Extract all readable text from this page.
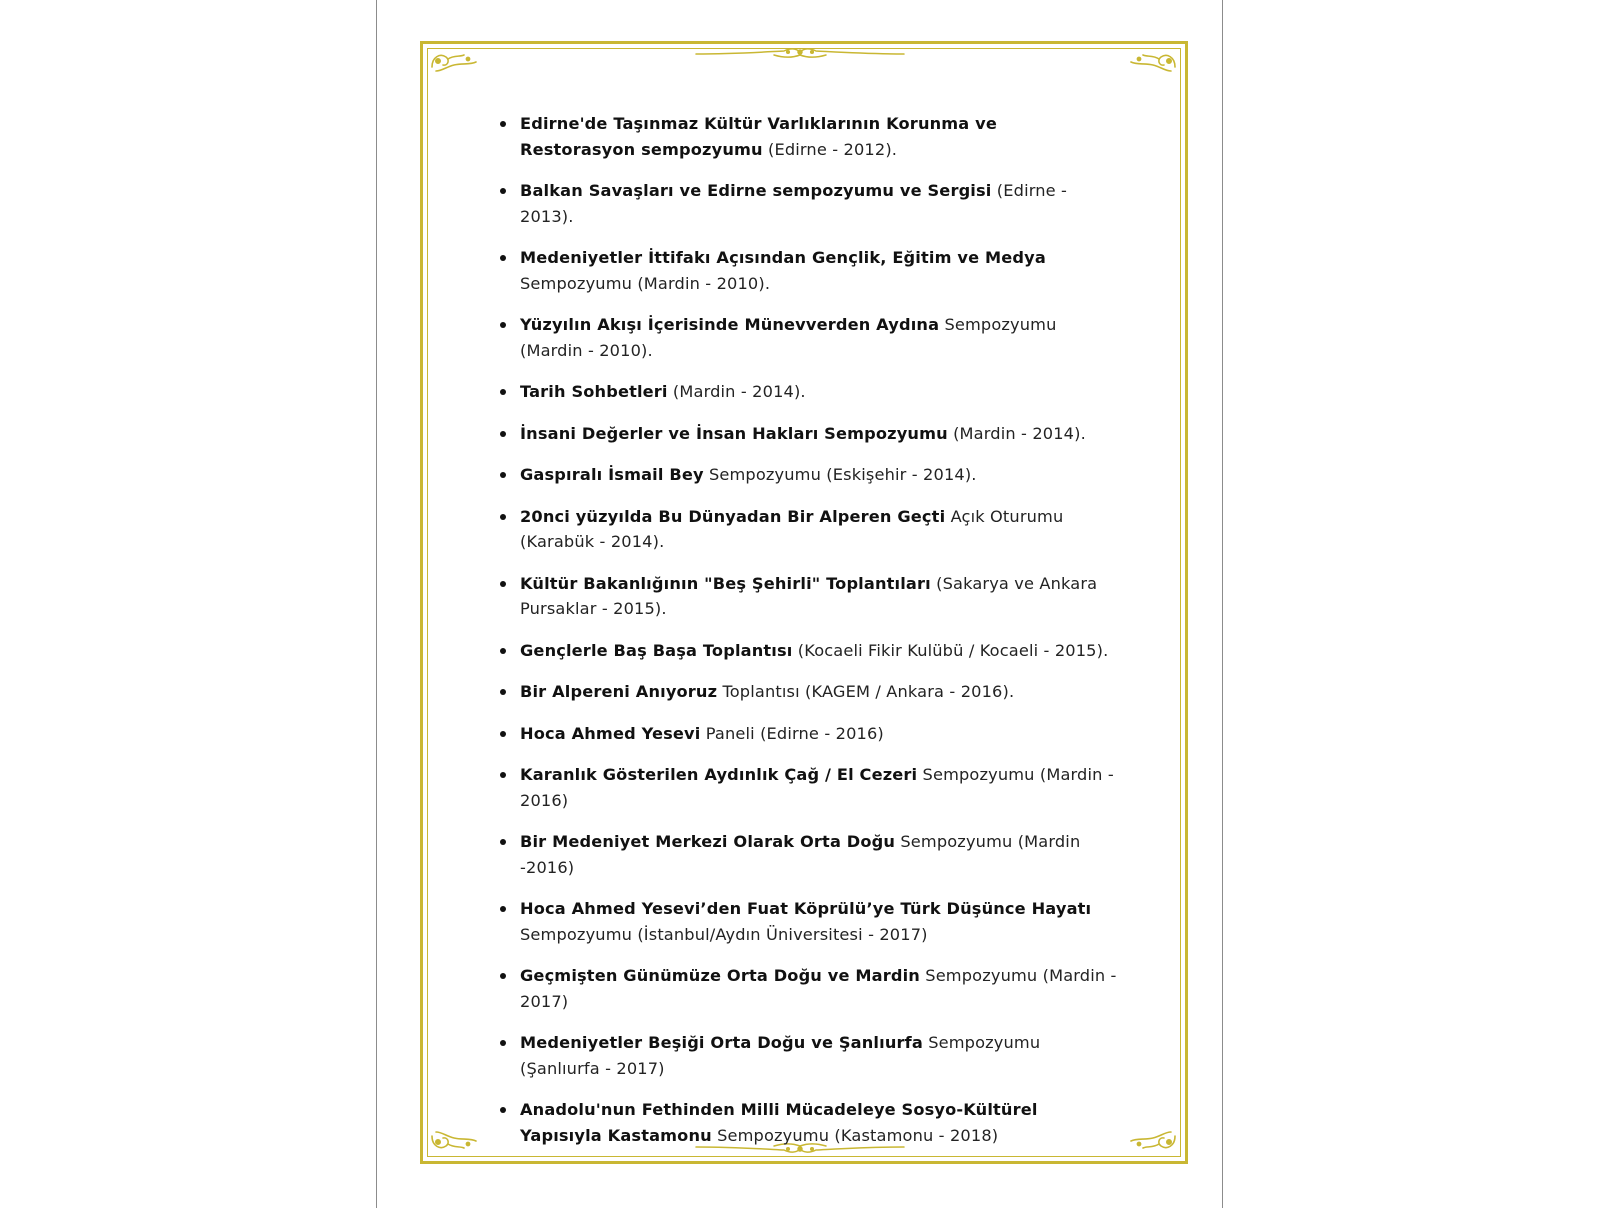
Edirne'de Taşınmaz Kültür Varlıklarının Korunma ve Restorasyon sempozyumu (Edirne - 2012).
Balkan Savaşları ve Edirne sempozyumu ve Sergisi (Edirne - 2013).
Medeniyetler İttifakı Açısından Gençlik, Eğitim ve Medya Sempozyumu (Mardin - 2010).
Yüzyılın Akışı İçerisinde Münevverden Aydına Sempozyumu (Mardin - 2010).
Tarih Sohbetleri (Mardin - 2014).
İnsani Değerler ve İnsan Hakları Sempozyumu (Mardin - 2014).
Gaspıralı İsmail Bey Sempozyumu (Eskişehir - 2014).
20nci yüzyılda Bu Dünyadan Bir Alperen Geçti Açık Oturumu (Karabük - 2014).
Kültür Bakanlığının "Beş Şehirli" Toplantıları (Sakarya ve Ankara Pursaklar - 2015).
Gençlerle Baş Başa Toplantısı (Kocaeli Fikir Kulübü / Kocaeli - 2015).
Bir Alpereni Anıyoruz Toplantısı (KAGEM / Ankara - 2016).
Hoca Ahmed Yesevi Paneli (Edirne - 2016)
Karanlık Gösterilen Aydınlık Çağ / El Cezeri Sempozyumu (Mardin - 2016)
Bir Medeniyet Merkezi Olarak Orta Doğu Sempozyumu (Mardin -2016)
Hoca Ahmed Yesevi’den Fuat Köprülü’ye Türk Düşünce Hayatı Sempozyumu (İstanbul/Aydın Üniversitesi - 2017)
Geçmişten Günümüze Orta Doğu ve Mardin Sempozyumu (Mardin - 2017)
Medeniyetler Beşiği Orta Doğu ve Şanlıurfa Sempozyumu (Şanlıurfa - 2017)
Anadolu'nun Fethinden Milli Mücadeleye Sosyo-Kültürel Yapısıyla Kastamonu Sempozyumu (Kastamonu - 2018)
